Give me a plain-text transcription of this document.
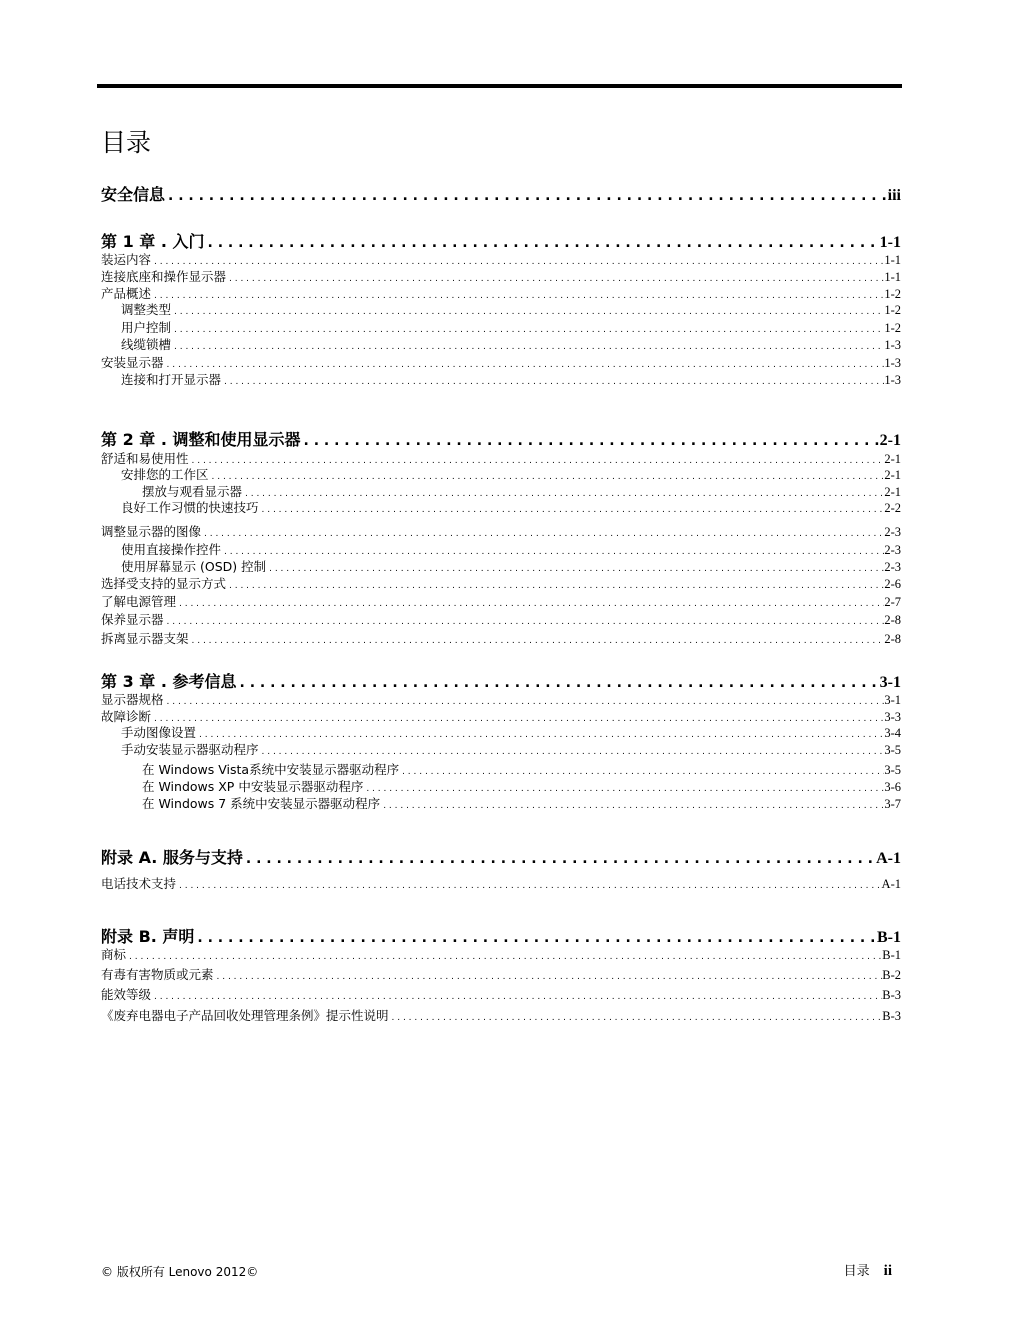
目录
安全信息 . . .	iii
第 1 章 . 入门 . . .	1-1
装运内容 . . .	1-1
连接底座和操作显示器 . . .	1-1
产品概述 . . .	1-2
调整类型 . . .	1-2
用户控制 . . .	1-2
线缆锁槽 . . .	1-3
安装显示器 . . .	1-3
连接和打开显示器 . . .	1-3
第 2 章 . 调整和使用显示器 . . .	2-1
舒适和易使用性 . . .	2-1
安排您的工作区 . . .	2-1
摆放与观看显示器 . . .	2-1
良好工作习惯的快速技巧 . . .	2-2
调整显示器的图像 . . .	2-3
使用直接操作控件 . . .	2-3
使用屏幕显示 (OSD) 控制 . . .	2-3
选择受支持的显示方式 . . .	2-6
了解电源管理 . . .	2-7
保养显示器 . . .	2-8
拆离显示器支架 . . .	2-8
第 3 章 . 参考信息 . . .	3-1
显示器规格 . . .	3-1
故障诊断 . . .	3-3
手动图像设置 . . .	3-4
手动安装显示器驱动程序 . . .	3-5
在 Windows Vista系统中安装显示器驱动程序 . . .	3-5
在 Windows XP 中安装显示器驱动程序 . . .	3-6
在 Windows 7 系统中安装显示器驱动程序 . . .	3-7
附录 A. 服务与支持 . . .	A-1
电话技术支持 . . .	A-1
附录 B. 声明 . . .	B-1
商标 . . .	B-1
有毒有害物质或元素 . . .	B-2
能效等级 . . .	B-3
《废弃电器电子产品回收处理管理条例》提示性说明 . . .	B-3
© 版权所有 Lenovo 2012©	目录 ii
